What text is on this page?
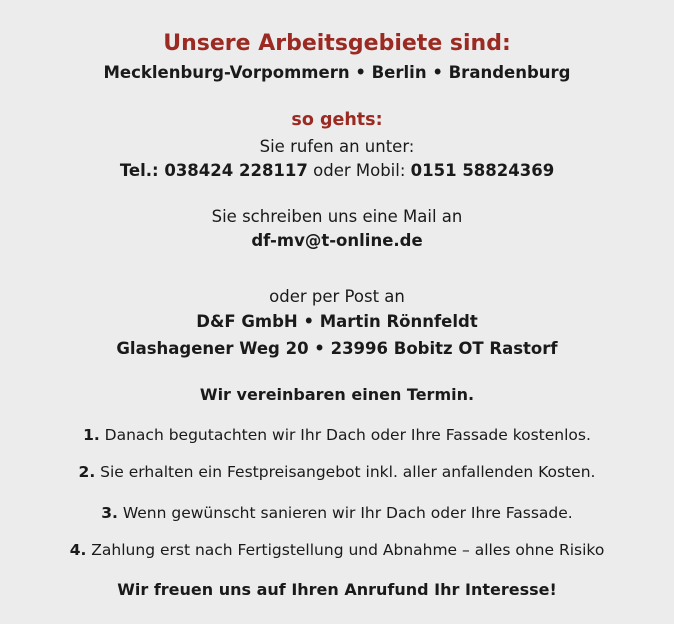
Unsere Arbeitsgebiete sind:
Mecklenburg-Vorpommern • Berlin • Brandenburg
so gehts:
Sie rufen an unter:
Tel.: 038424 228117 oder Mobil: 0151 58824369
Sie schreiben uns eine Mail an
df-mv@t-online.de
oder per Post an
D&F GmbH • Martin Rönnfeldt
Glashagener Weg 20 • 23996 Bobitz OT Rastorf
Wir vereinbaren einen Termin.
1. Danach begutachten wir Ihr Dach oder Ihre Fassade kostenlos.
2. Sie erhalten ein Festpreisangebot inkl. aller anfallenden Kosten.
3. Wenn gewünscht sanieren wir Ihr Dach oder Ihre Fassade.
4. Zahlung erst nach Fertigstellung und Abnahme – alles ohne Risiko
Wir freuen uns auf Ihren Anrufund Ihr Interesse!
